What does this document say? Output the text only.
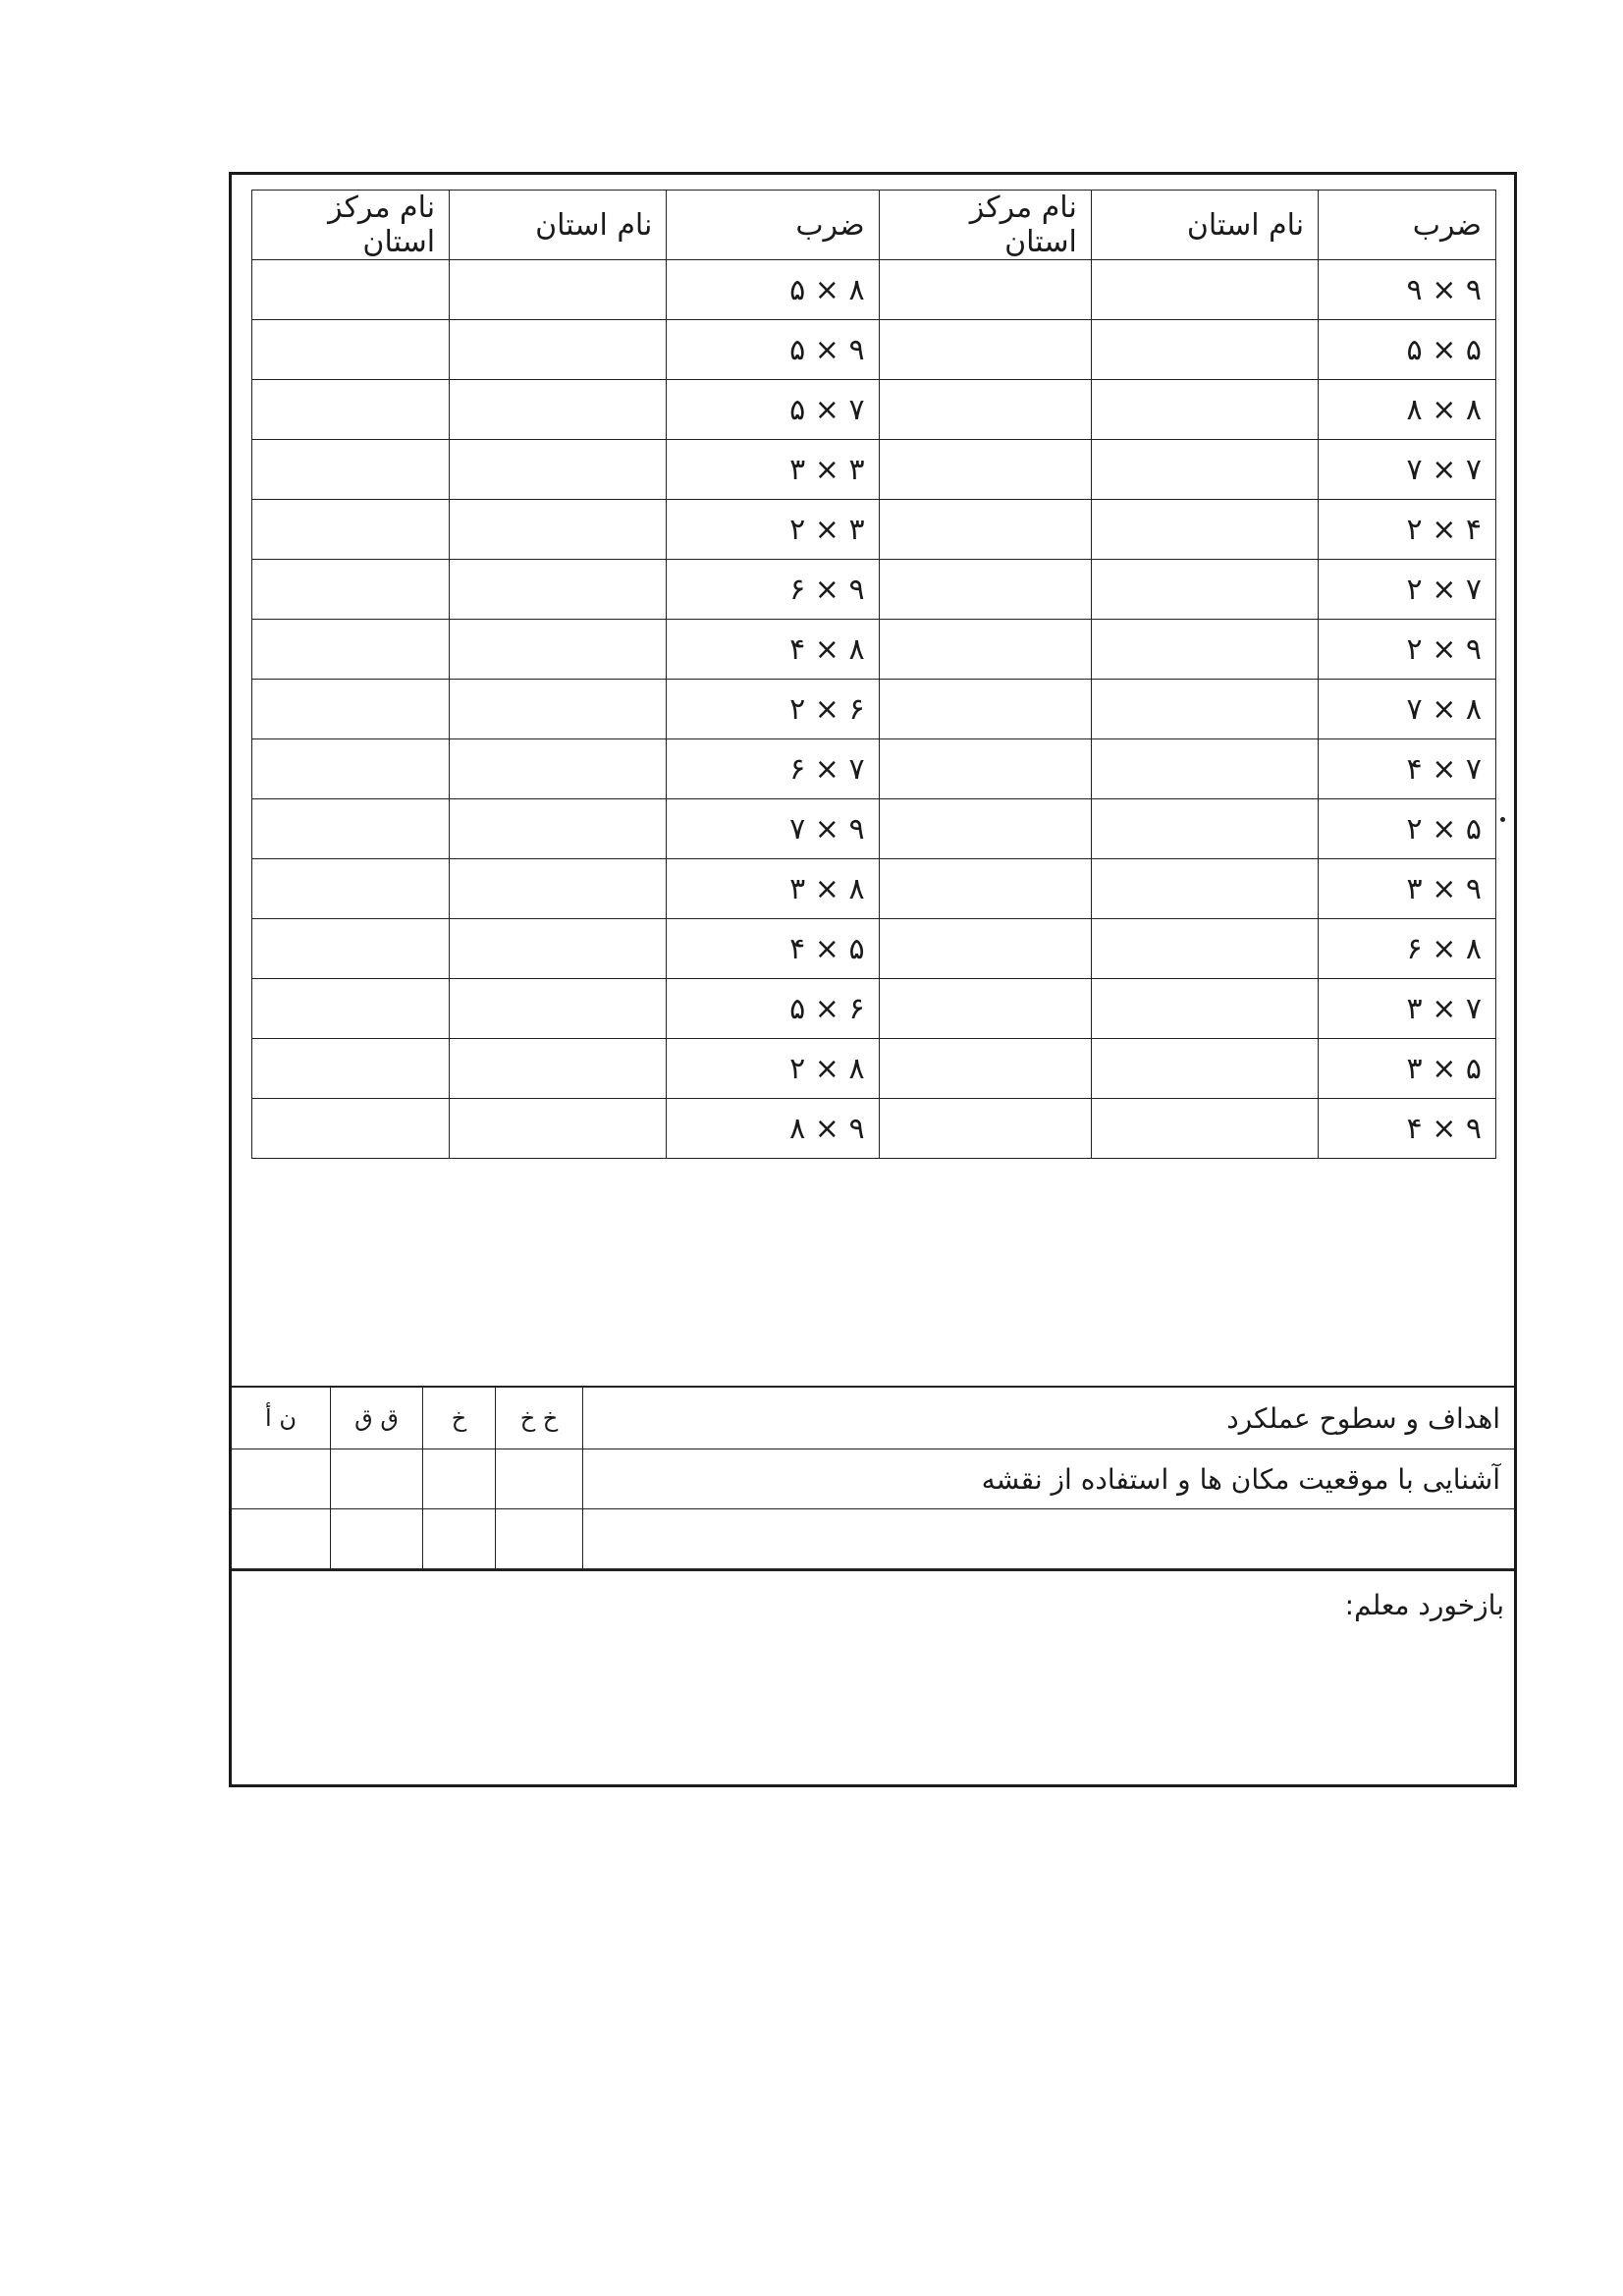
ضرب	نام استان	نام مرکز استان	ضرب	نام استان	نام مرکز استان
۹ × ۹			۸ × ۵		
۵ × ۵			۹ × ۵		
۸ × ۸			۷ × ۵		
۷ × ۷			۳ × ۳		
۴ × ۲			۳ × ۲		
۷ × ۲			۹ × ۶		
۹ × ۲			۸ × ۴		
۸ × ۷			۶ × ۲		
۷ × ۴			۷ × ۶		
۵ × ۲			۹ × ۷		
۹ × ۳			۸ × ۳		
۸ × ۶			۵ × ۴		
۷ × ۳			۶ × ۵		
۵ × ۳			۸ × ۲		
۹ × ۴			۹ × ۸		
اهداف و سطوح عملکرد	خ خ	خ	ق ق	ن أ
آشنایی با موقعیت مکان ها و استفاده از نقشه				

بازخورد معلم:
